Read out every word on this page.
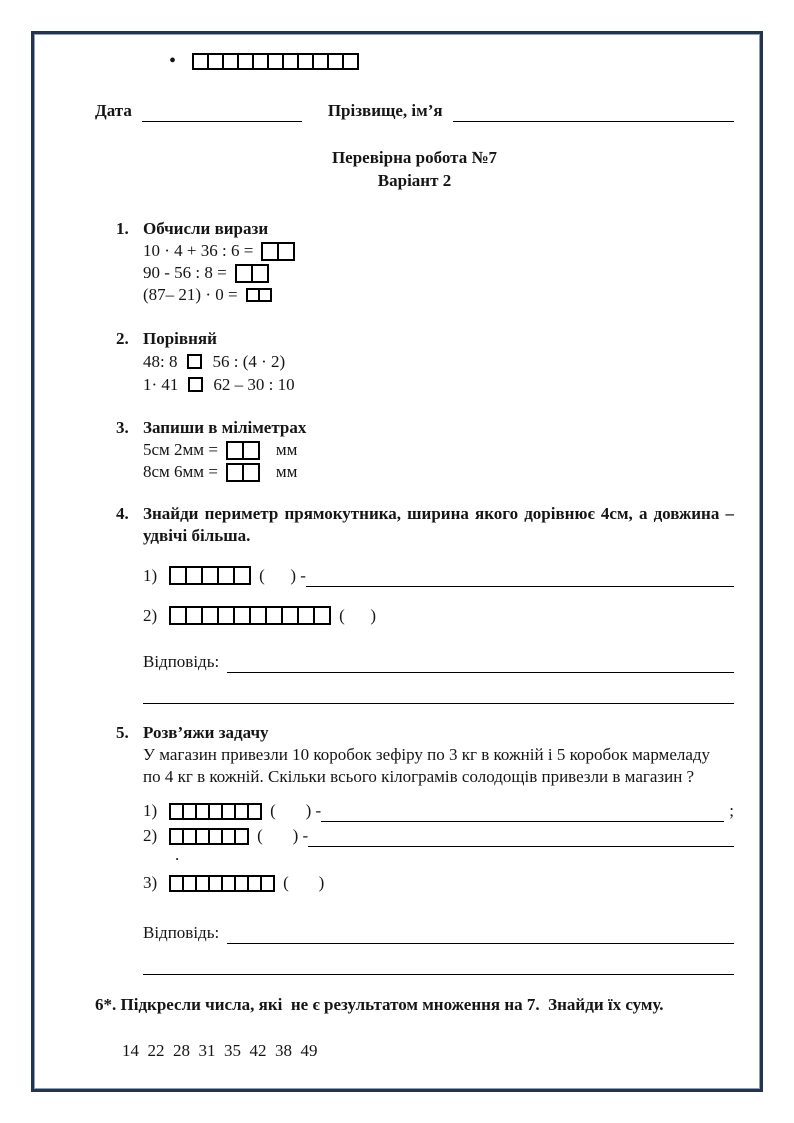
•
Дата	Прізвище, ім’я
Перевірна робота №7
Варіант 2
1. Обчисли вирази
10 · 4 + 36 : 6 =
90 - 56 : 8 =
(87– 21) · 0 =
2. Порівняй
48: 8 56 : (4 · 2)
1· 41 62 – 30 : 10
3. Запиши в міліметрах
5см 2мм =	мм
8см 6мм =	мм
4. Знайди периметр прямокутника, ширина якого дорівнює 4см, а довжина – удвічі більша.
1)	(      ) -
2)	(      )
Відповідь:
5. Розв’яжи задачу
У магазин привезли 10 коробок зефіру по 3 кг в кожній і 5 коробок мармеладу по 4 кг в кожній. Скільки всього кілограмів солодощів привезли в магазин ?
1)	(       ) -	;
2)	(       ) -
.
3)	(       )
Відповідь:
6*. Підкресли числа, які  не є результатом множення на 7.  Знайди їх суму.
14  22  28  31  35  42  38  49
